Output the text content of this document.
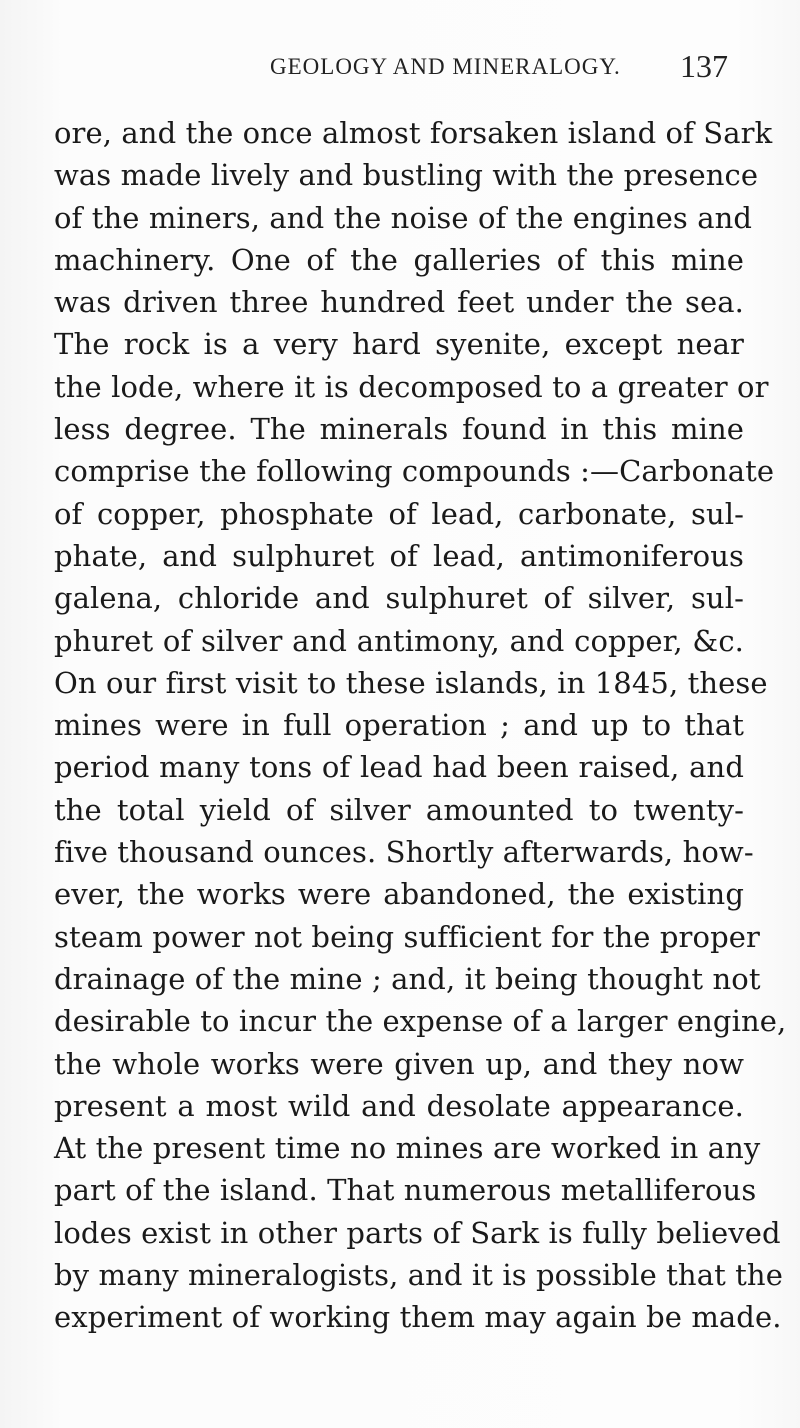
GEOLOGY AND MINERALOGY. 137
ore, and the once almost forsaken island of Sark
was made lively and bustling with the presence
of the miners, and the noise of the engines and
machinery. One of the galleries of this mine
was driven three hundred feet under the sea.
The rock is a very hard syenite, except near
the lode, where it is decomposed to a greater or
less degree. The minerals found in this mine
comprise the following compounds :—Carbonate
of copper, phosphate of lead, carbonate, sul-
phate, and sulphuret of lead, antimoniferous
galena, chloride and sulphuret of silver, sul-
phuret of silver and antimony, and copper, &c.
On our first visit to these islands, in 1845, these
mines were in full operation ; and up to that
period many tons of lead had been raised, and
the total yield of silver amounted to twenty-
five thousand ounces. Shortly afterwards, how-
ever, the works were abandoned, the existing
steam power not being sufficient for the proper
drainage of the mine ; and, it being thought not
desirable to incur the expense of a larger engine,
the whole works were given up, and they now
present a most wild and desolate appearance.
At the present time no mines are worked in any
part of the island. That numerous metalliferous
lodes exist in other parts of Sark is fully believed
by many mineralogists, and it is possible that the
experiment of working them may again be made.
